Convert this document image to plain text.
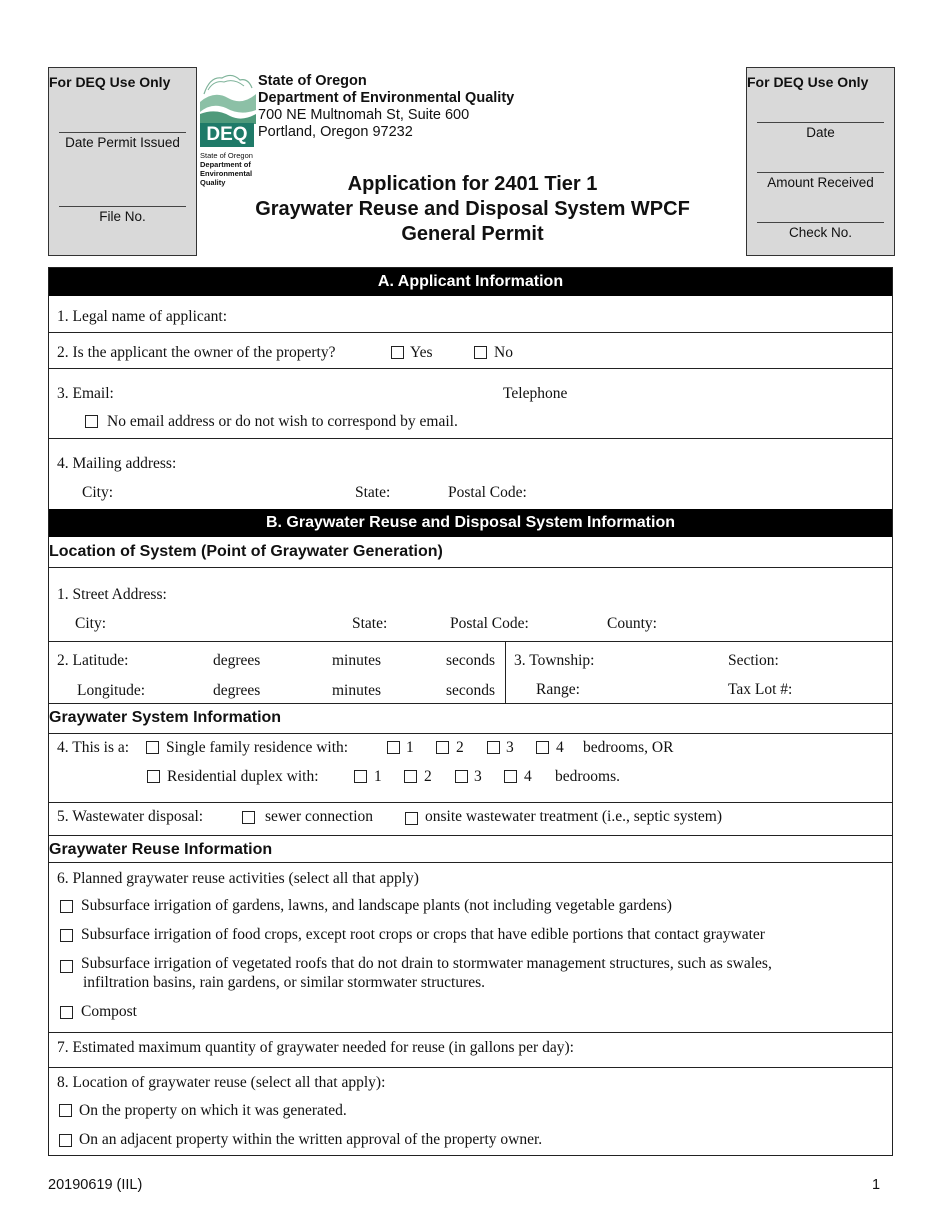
For DEQ Use Only
Date Permit Issued
File No.
DEQ
State of Oregon
Department of
Environmental
Quality
State of Oregon
Department of Environmental Quality
700 NE Multnomah St, Suite 600
Portland, Oregon 97232
Application for 2401 Tier 1
Graywater Reuse and Disposal System WPCF
General Permit
For DEQ Use Only
Date
Amount Received
Check No.
A. Applicant Information
1. Legal name of applicant:
2. Is the applicant the owner of the property?	Yes	No
3. Email:	Telephone
No email address or do not wish to correspond by email.
4. Mailing address:
City:	State:	Postal Code:
B. Graywater Reuse and Disposal System Information
Location of System (Point of Graywater Generation)
1. Street Address:
City:	State:	Postal Code:	County:
2. Latitude:	degrees	minutes	seconds
Longitude:	degrees	minutes	seconds
3. Township:	Section:
Range:	Tax Lot #:
Graywater System Information
4. This is a: Single family residence with:	1	2	3	4 bedrooms, OR
Residential duplex with:	1	2	3	4 bedrooms.
5. Wastewater disposal:	sewer connection	onsite wastewater treatment (i.e., septic system)
Graywater Reuse Information
6. Planned graywater reuse activities (select all that apply)
Subsurface irrigation of gardens, lawns, and landscape plants (not including vegetable gardens)
Subsurface irrigation of food crops, except root crops or crops that have edible portions that contact graywater
Subsurface irrigation of vegetated roofs that do not drain to stormwater management structures, such as swales,
infiltration basins, rain gardens, or similar stormwater structures.
Compost
7. Estimated maximum quantity of graywater needed for reuse (in gallons per day):
8. Location of graywater reuse (select all that apply):
On the property on which it was generated.
On an adjacent property within the written approval of the property owner.
20190619 (IIL)	1
